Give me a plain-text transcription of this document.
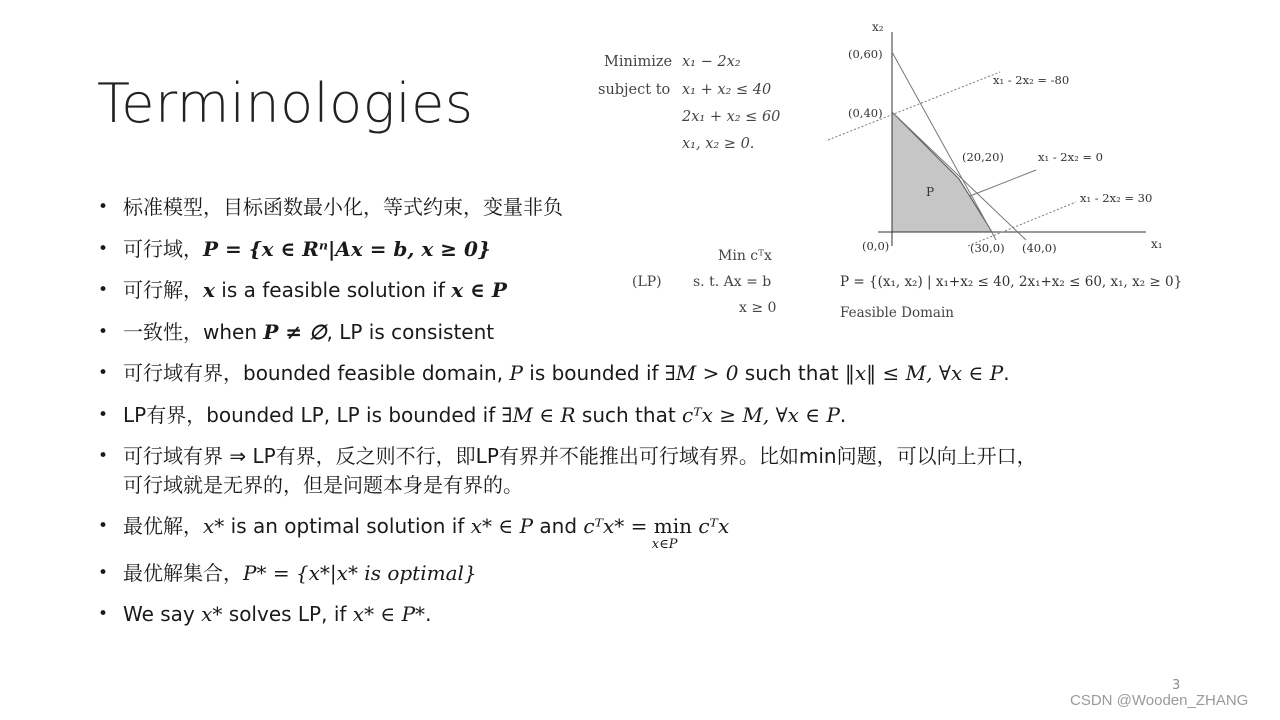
Terminologies
Minimize x₁ − 2x₂
subject to x₁ + x₂ ≤ 40
2x₁ + x₂ ≤ 60
x₁, x₂ ≥ 0.
x₂
x₁
(0,60)
(0,40)
(20,20)
(0,0)	(30,0) (40,0)
P
x₁ - 2x₂ = -80
x₁ - 2x₂ = 0
x₁ - 2x₂ = 30
Min cᵀx
(LP) s. t. Ax = b
x ≥ 0
P = {(x₁, x₂) | x₁+x₂ ≤ 40, 2x₁+x₂ ≤ 60, x₁, x₂ ≥ 0}
Feasible Domain
• 标准模型，目标函数最小化，等式约束，变量非负
• 可行域，P = {x ∈ Rⁿ|Ax = b, x ≥ 0}
• 可行解，x is a feasible solution if x ∈ P
• 一致性，when P ≠ ∅, LP is consistent
• 可行域有界，bounded feasible domain, P is bounded if ∃M > 0 such that ‖x‖ ≤ M, ∀x ∈ P.
• LP有界，bounded LP, LP is bounded if ∃M ∈ R such that cᵀx ≥ M, ∀x ∈ P.
• 可行域有界 ⇒ LP有界，反之则不行，即LP有界并不能推出可行域有界。比如min问题，可以向上开口，
可行域就是无界的，但是问题本身是有界的。
• 最优解，x* is an optimal solution if x* ∈ P and cᵀx* = min
x∈P
cᵀx
• 最优解集合，P* = {x*|x* is optimal}
• We say x* solves LP, if x* ∈ P*.
3
CSDN @Wooden_ZHANG
